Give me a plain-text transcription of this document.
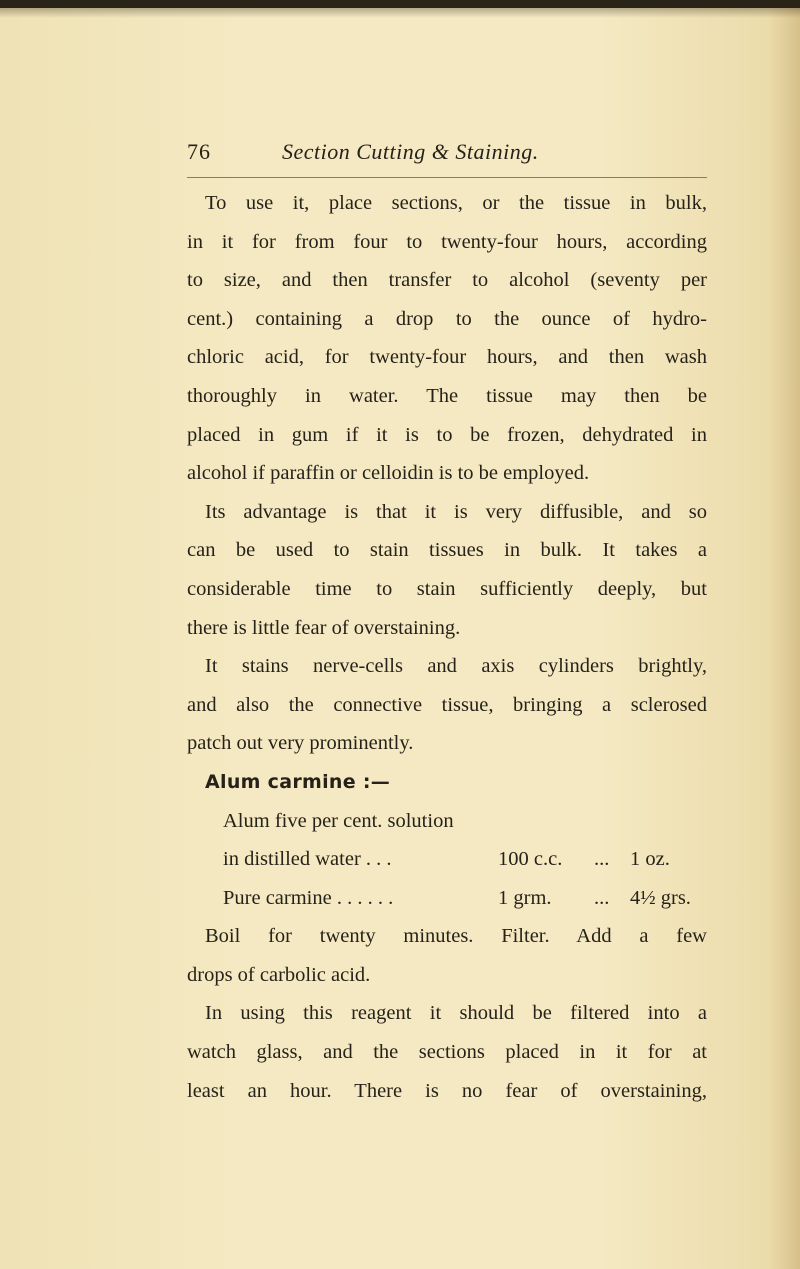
76	Section Cutting & Staining.
To use it, place sections, or the tissue in bulk,
in it for from four to twenty-four hours, according
to size, and then transfer to alcohol (seventy per
cent.) containing a drop to the ounce of hydro-
chloric acid, for twenty-four hours, and then wash
thoroughly in water. The tissue may then be
placed in gum if it is to be frozen, dehydrated in
alcohol if paraffin or celloidin is to be employed.
Its advantage is that it is very diffusible, and so
can be used to stain tissues in bulk. It takes a
considerable time to stain sufficiently deeply, but
there is little fear of overstaining.
It stains nerve-cells and axis cylinders brightly,
and also the connective tissue, bringing a sclerosed
patch out very prominently.
Alum carmine :—
Alum five per cent. solution
in distilled water . . .	100 c.c. ... 1 oz.
Pure carmine . . . . . .	1 grm. ... 4½ grs.
Boil for twenty minutes. Filter. Add a few
drops of carbolic acid.
In using this reagent it should be filtered into a
watch glass, and the sections placed in it for at
least an hour. There is no fear of overstaining,
